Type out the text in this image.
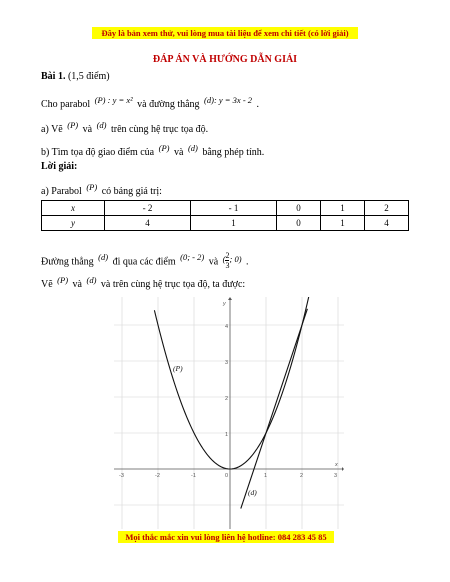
Đây là bản xem thử, vui lòng mua tài liệu để xem chi tiết (có lời giải)
ĐÁP ÁN VÀ HƯỚNG DẪN GIẢI
Bài 1. (1,5 điểm)
Cho parabol $^{(P) : y = x^2}$ và đường thẳng $^{(d): y = 3x - 2}$ .
a) Vẽ $^{(P)}$ và $^{(d)}$ trên cùng hệ trục tọa độ.
b) Tìm tọa độ giao điểm của $^{(P)}$ và $^{(d)}$ bằng phép tính.
Lời giải:
a) Parabol $^{(P)}$ có bảng giá trị:
x	- 2	- 1	0	1	2
y	4	1	0	1	4
Đường thẳng $^{(d)}$ đi qua các điểm $^{(0; - 2)}$ và $^{( \frac{2}{3} ; 0)}$ .
Vẽ $^{(P)}$ và $^{(d)}$ và trên cùng hệ trục tọa độ, ta được:
-3	-2	-1	1	2	3
4
3
2
1
0
x
y
(P)
(d)
Mọi thắc mắc xin vui lòng liên hệ hotline: 084 283 45 85
